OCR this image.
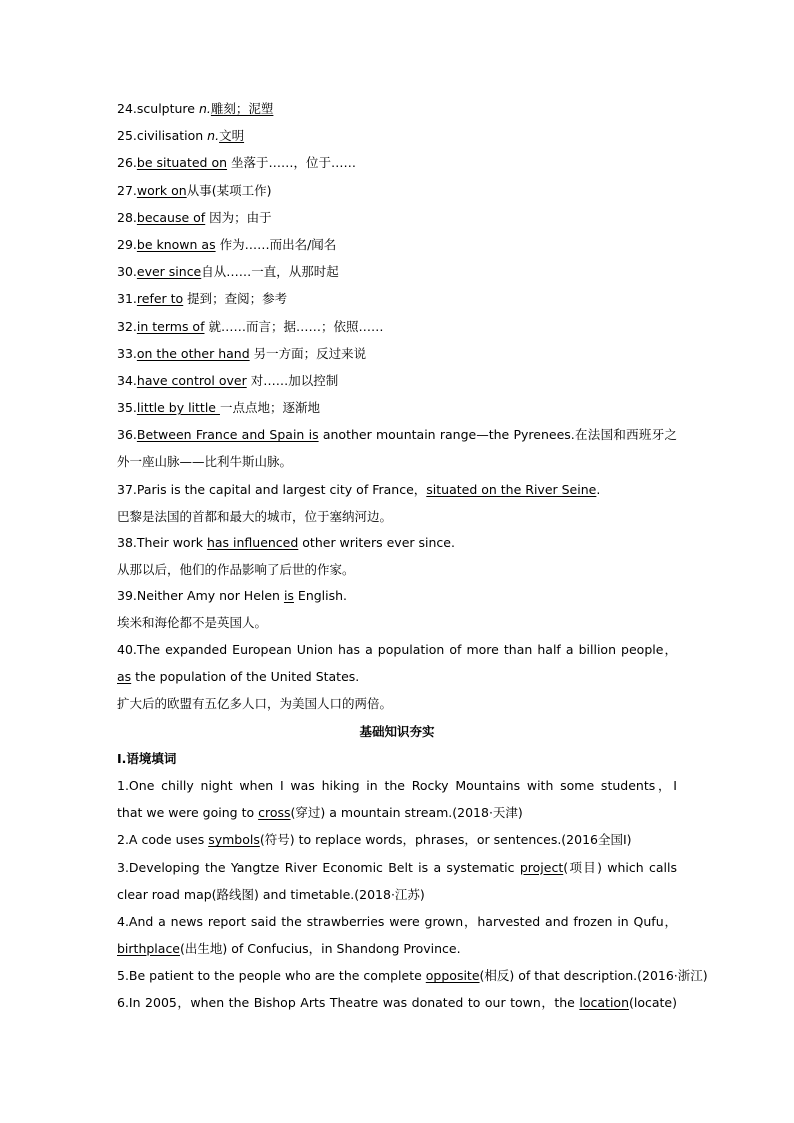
24.sculpture n.雕刻；泥塑
25.civilisation n.文明
26.be situated on 坐落于……，位于……
27.work on从事(某项工作)
28.because of 因为；由于
29.be known as 作为……而出名/闻名
30.ever since自从……一直，从那时起
31.refer to 提到；查阅；参考
32.in terms of 就……而言；据……；依照……
33.on the other hand 另一方面；反过来说
34.have control over 对……加以控制
35.little by little 一点点地；逐渐地
36.Between France and Spain is another mountain range—the Pyrenees.在法国和西班牙之
外一座山脉——比利牛斯山脉。
37.Paris is the capital and largest city of France，situated on the River Seine.
巴黎是法国的首都和最大的城市，位于塞纳河边。
38.Their work has influenced other writers ever since.
从那以后，他们的作品影响了后世的作家。
39.Neither Amy nor Helen is English.
埃米和海伦都不是英国人。
40.The expanded European Union has a population of more than half a billion people，
as the population of the United States.
扩大后的欧盟有五亿多人口，为美国人口的两倍。
基础知识夯实
Ⅰ.语境填词
1.One chilly night when I was hiking in the Rocky Mountains with some students，I
that we were going to cross(穿过) a mountain stream.(2018·天津)
2.A code uses symbols(符号) to replace words，phrases，or sentences.(2016全国Ⅰ)
3.Developing the Yangtze River Economic Belt is a systematic project(项目) which calls
clear road map(路线图) and timetable.(2018·江苏)
4.And a news report said the strawberries were grown，harvested and frozen in Qufu，
birthplace(出生地) of Confucius，in Shandong Province.
5.Be patient to the people who are the complete opposite(相反) of that description.(2016·浙江)
6.In 2005，when the Bishop Arts Theatre was donated to our town，the location(locate)
